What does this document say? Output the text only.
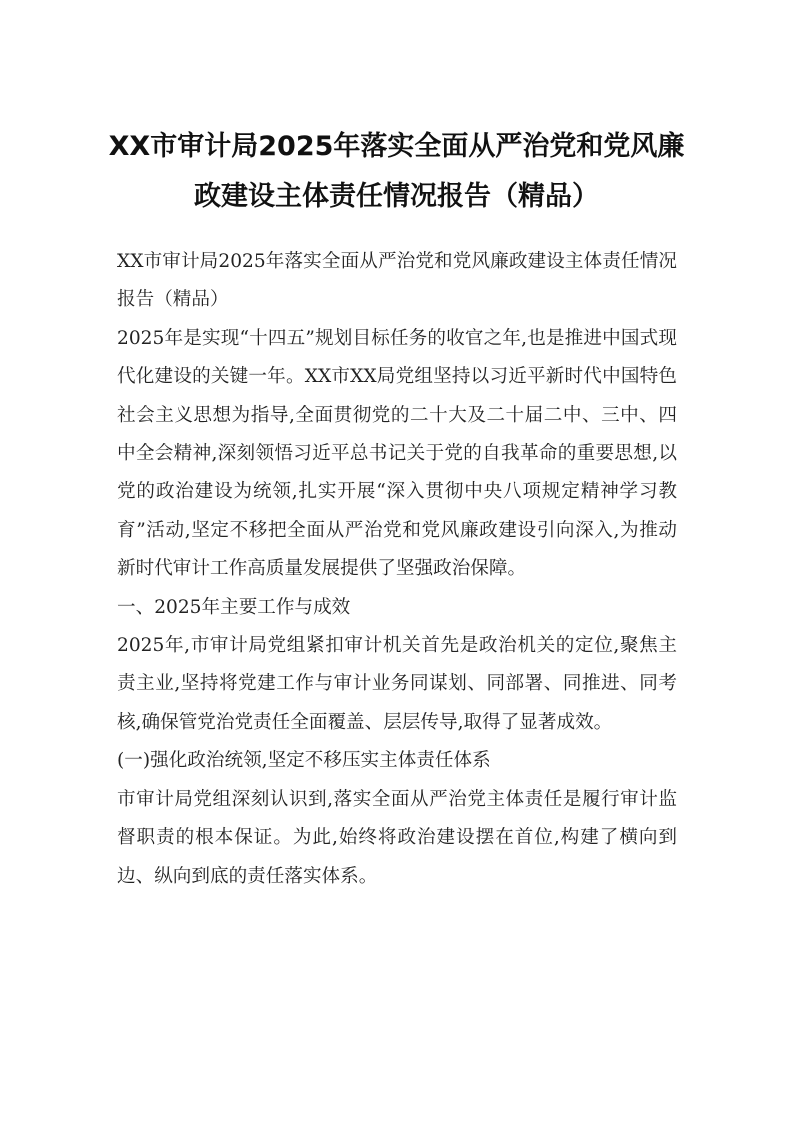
XX市审计局2025年落实全面从严治党和党风廉政建设主体责任情况报告（精品）

XX市审计局2025年落实全面从严治党和党风廉政建设主体责任情况报告（精品）

2025年是实现“十四五”规划目标任务的收官之年,也是推进中国式现代化建设的关键一年。XX市XX局党组坚持以习近平新时代中国特色社会主义思想为指导,全面贯彻党的二十大及二十届二中、三中、四中全会精神,深刻领悟习近平总书记关于党的自我革命的重要思想,以党的政治建设为统领,扎实开展“深入贯彻中央八项规定精神学习教育”活动,坚定不移把全面从严治党和党风廉政建设引向深入,为推动新时代审计工作高质量发展提供了坚强政治保障。

一、2025年主要工作与成效

2025年,市审计局党组紧扣审计机关首先是政治机关的定位,聚焦主责主业,坚持将党建工作与审计业务同谋划、同部署、同推进、同考核,确保管党治党责任全面覆盖、层层传导,取得了显著成效。

(一)强化政治统领,坚定不移压实主体责任体系

市审计局党组深刻认识到,落实全面从严治党主体责任是履行审计监督职责的根本保证。为此,始终将政治建设摆在首位,构建了横向到边、纵向到底的责任落实体系。
